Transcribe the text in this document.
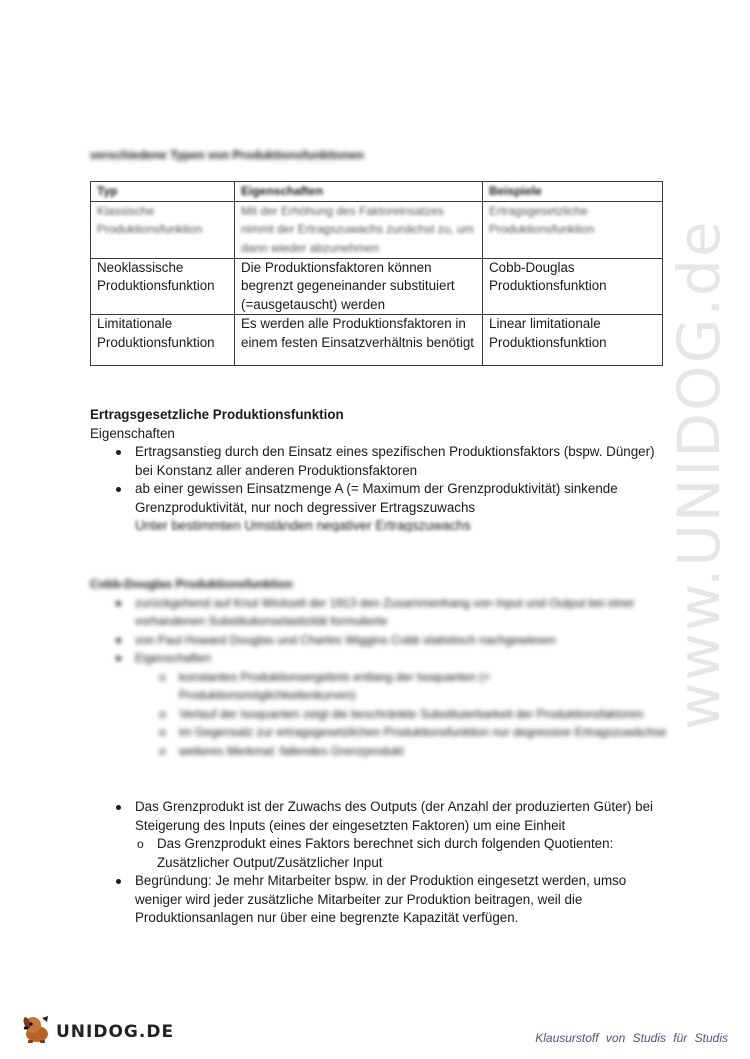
verschiedene Typen von Produktionsfunktionen
Typ	Eigenschaften	Beispiele
Klassische Produktionsfunktion	Mit der Erhöhung des Faktoreinsatzes nimmt der Ertragszuwachs zunächst zu, um dann wieder abzunehmen	Ertragsgesetzliche Produktionsfunktion
Neoklassische Produktionsfunktion	Die Produktionsfaktoren können begrenzt gegeneinander substituiert (=ausgetauscht) werden	Cobb-Douglas Produktionsfunktion
Limitationale Produktionsfunktion	Es werden alle Produktionsfaktoren in einem festen Einsatzverhältnis benötigt	Linear limitationale Produktionsfunktion
Ertragsgesetzliche Produktionsfunktion
Eigenschaften
Ertragsanstieg durch den Einsatz eines spezifischen Produktionsfaktors (bspw. Dünger) bei Konstanz aller anderen Produktionsfaktoren
ab einer gewissen Einsatzmenge A (= Maximum der Grenzproduktivität) sinkende Grenzproduktivität, nur noch degressiver Ertragszuwachs
Unter bestimmten Umständen negativer Ertragszuwachs
Cobb-Douglas Produktionsfunktion
zurückgehend auf Knut Wicksell der 1913 den Zusammenhang von Input und Output bei einer vorhandenen Substitutionselastizität formulierte
von Paul Howard Douglas und Charles Wiggins Cobb statistisch nachgewiesen
Eigenschaften
o konstantes Produktionsergebnis entlang der Isoquanten (= Produktionsmöglichkeitenkurven)
o Verlauf der Isoquanten zeigt die beschränkte Substituierbarkeit der Produktionsfaktoren
o im Gegensatz zur ertragsgesetzlichen Produktionsfunktion nur degressive Ertragszuwächse
o weiteres Merkmal: fallendes Grenzprodukt
Das Grenzprodukt ist der Zuwachs des Outputs (der Anzahl der produzierten Güter) bei Steigerung des Inputs (eines der eingesetzten Faktoren) um eine Einheit
o Das Grenzprodukt eines Faktors berechnet sich durch folgenden Quotienten: Zusätzlicher Output/Zusätzlicher Input
Begründung: Je mehr Mitarbeiter bspw. in der Produktion eingesetzt werden, umso weniger wird jeder zusätzliche Mitarbeiter zur Produktion beitragen, weil die Produktionsanlagen nur über eine begrenzte Kapazität verfügen.
www.UNIDOG.de
UNIDOG.DE	Klausurstoff von Studis für Studis
